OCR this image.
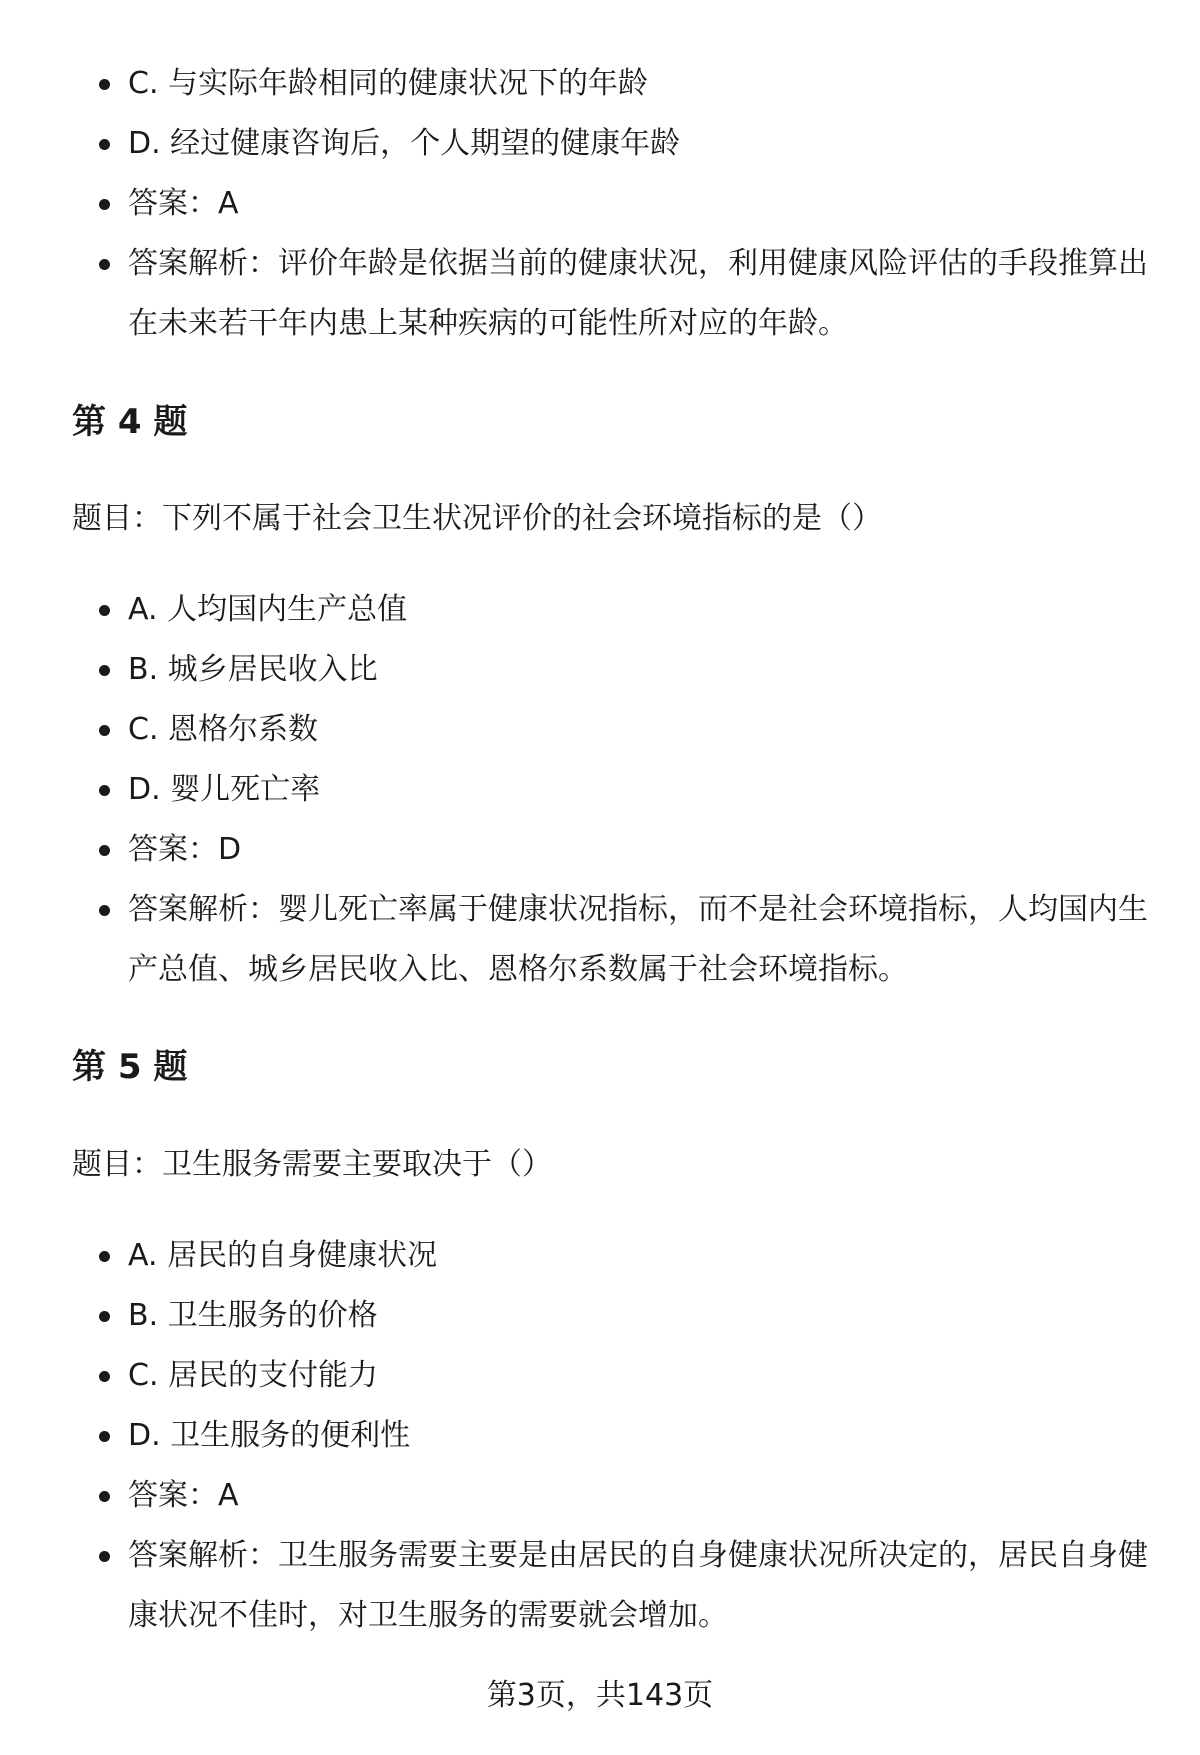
C. 与实际年龄相同的健康状况下的年龄
D. 经过健康咨询后，个人期望的健康年龄
答案：A
答案解析：评价年龄是依据当前的健康状况，利用健康风险评估的手段推算出在未来若干年内患上某种疾病的可能性所对应的年龄。
第 4 题
题目：下列不属于社会卫生状况评价的社会环境指标的是（）
A. 人均国内生产总值
B. 城乡居民收入比
C. 恩格尔系数
D. 婴儿死亡率
答案：D
答案解析：婴儿死亡率属于健康状况指标，而不是社会环境指标，人均国内生产总值、城乡居民收入比、恩格尔系数属于社会环境指标。
第 5 题
题目：卫生服务需要主要取决于（）
A. 居民的自身健康状况
B. 卫生服务的价格
C. 居民的支付能力
D. 卫生服务的便利性
答案：A
答案解析：卫生服务需要主要是由居民的自身健康状况所决定的，居民自身健康状况不佳时，对卫生服务的需要就会增加。
第3页，共143页
